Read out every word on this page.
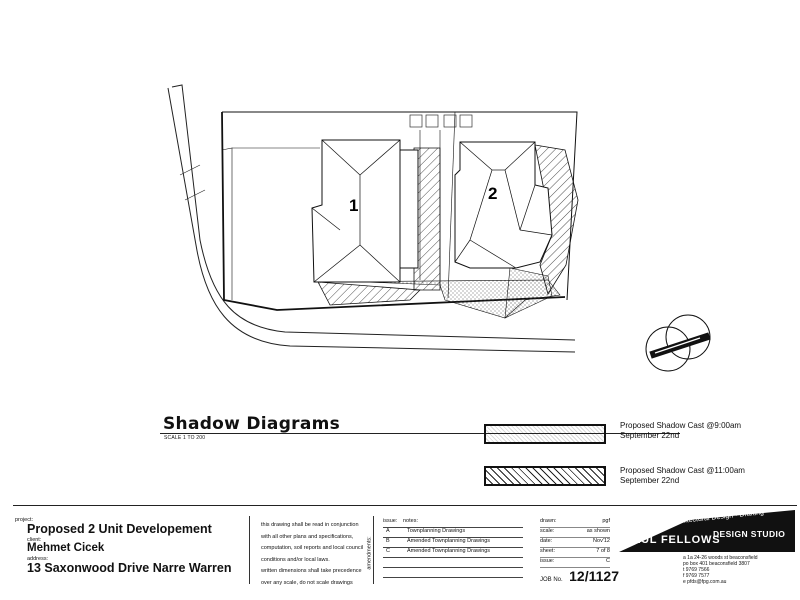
1
2
Shadow Diagrams
SCALE 1 TO 200
Proposed Shadow Cast @9:00am
September 22nd
Proposed Shadow Cast @11:00am
September 22nd
project:
Proposed 2 Unit Developement
client:
Mehmet Cicek
address:
13 Saxonwood Drive Narre Warren
this drawing shall be read in conjunction
with all other plans and specifications,
computation, soil reports and local council
conditions and/or local laws.
written dimensions shall take precedence
over any scale, do not scale drawings
amendments:
issue: notes:
A	Townplanning Drawings
B	Amended Townplanning Drawings
C	Amended Townplanning Drawings
drawn:	pgf
scale:	as shown
date:	Nov'12
sheet:	7 of 8
issue:	C
JOB No. 12/1127
Architectural Design • Drafting
PAUL FELLOWS
DESIGN STUDIO
a 1a 24-26 woods st beaconsfield
po box 401 beaconsfield 3807
t 9769 7566
f 9769 7577
e pfds@fpg.com.au
